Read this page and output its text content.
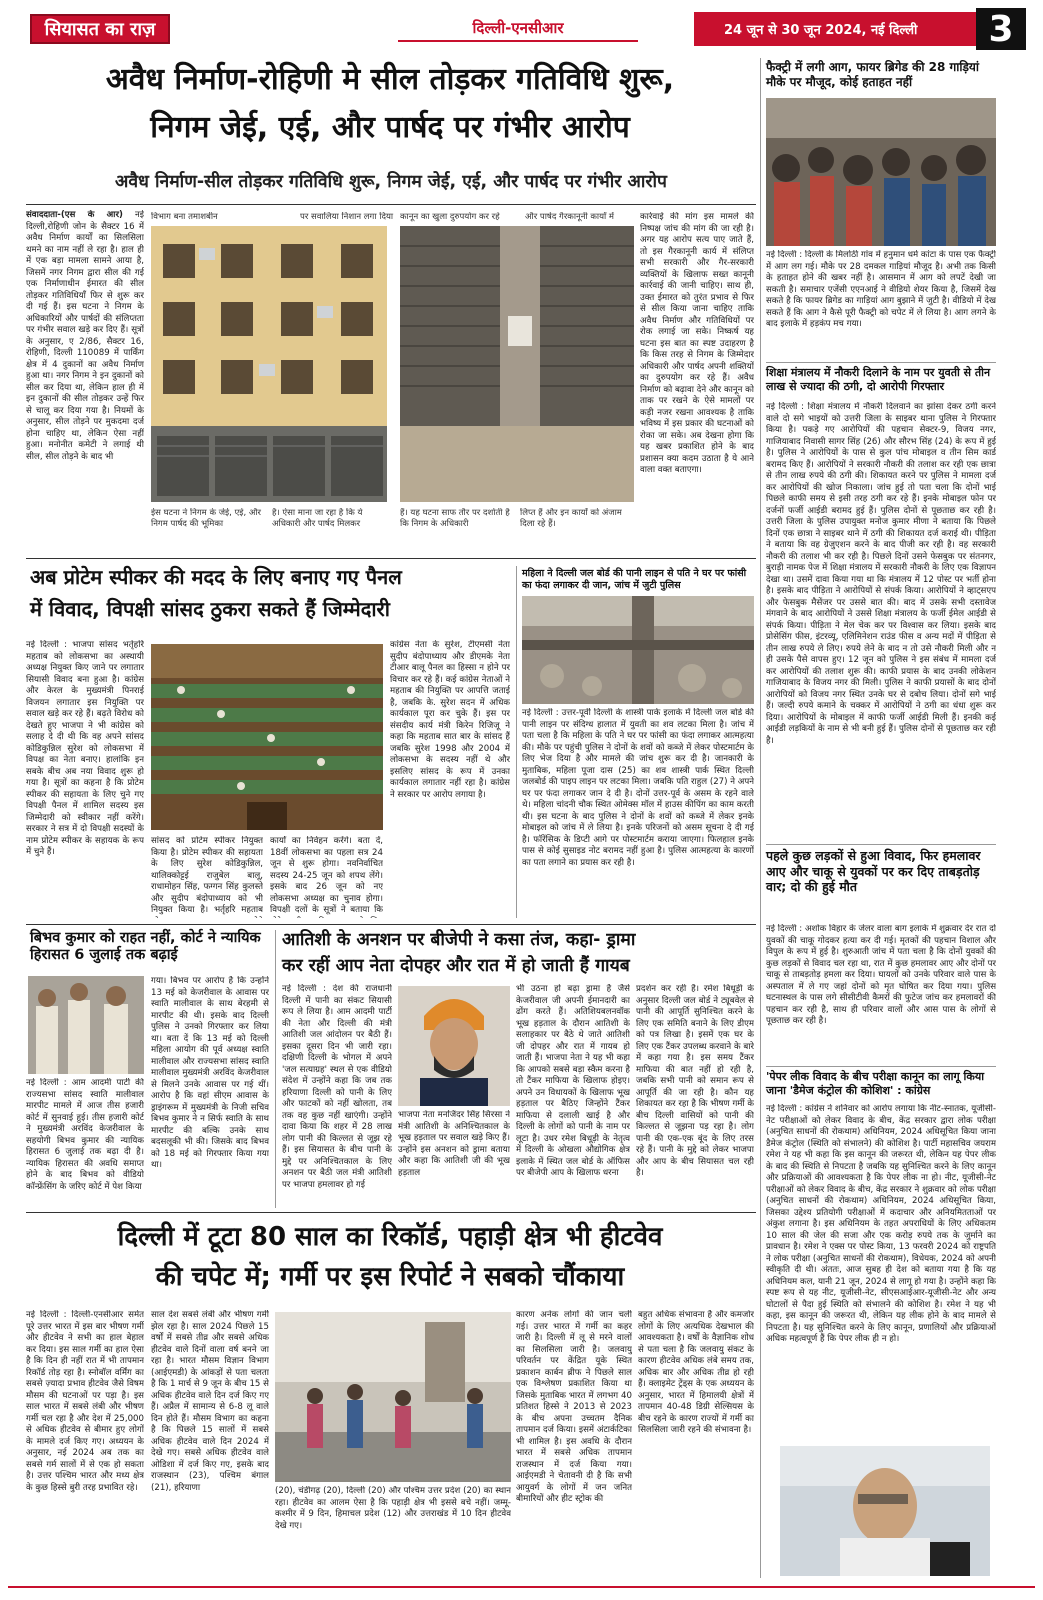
सियासत का राज़	दिल्ली-एनसीआर	24 जून से 30 जून 2024, नई दिल्ली	3
अवैध निर्माण-रोहिणी मे सील तोड़कर गतिविधि शुरू,
निगम जेई, एई, और पार्षद पर गंभीर आरोप
अवैध निर्माण-सील तोड़कर गतिविधि शुरू, निगम जेई, एई, और पार्षद पर गंभीर आरोप
संवाददाता-(एस के आर) नई दिल्ली,रोहिणी जोन के सैक्टर 16 में अवैध निर्माण कार्यों का सिलसिला थमने का नाम नहीं ले रहा है। हाल ही में एक बड़ा मामला सामने आया है, जिसमें नगर निगम द्वारा सील की गई एक निर्माणाधीन ईमारत की सील तोड़कर गतिविधियाँ फिर से शुरू कर दी गई हैं। इस घटना ने निगम के अधिकारियों और पार्षदों की संलिप्तता पर गंभीर सवाल खड़े कर दिए हैं। सूत्रों के अनुसार, ए 2/86, सैक्टर 16, रोहिणी, दिल्ली 110089 में पार्किंग क्षेत्र में 4 दुकानों का अवैध निर्माण हुआ था। नगर निगम ने इन दुकानों को सील कर दिया था, लेकिन हाल ही में इन दुकानों की सील तोड़कर उन्हें फिर से चालू कर दिया गया है। नियमों के अनुसार, सील तोड़ने पर मुकदमा दर्ज होना चाहिए था, लेकिन ऐसा नहीं हुआ। मनोनीत कमेटी ने लगाई थी सील, सील तोड़ने के बाद भी
विभाग बना तमाशबीन	पर सवालिया निशान लगा दिया
ईस घटना ने निगम के जेई, एई, और निगम पार्षद की भूमिका
है। ऐसा माना जा रहा है कि ये अधिकारी और पार्षद मिलकर
कानून का खुला दुरुपयोग कर रहे	और पार्षद गैरकानूनी कार्यों में
हैं। यह घटना साफ तौर पर दर्शाती है कि निगम के अधिकारी
लिप्त हैं और इन कार्यों को अंजाम दिला रहे हैं।
कार्रवाई की मांग इस मामले की निष्पक्ष जांच की मांग की जा रही है। अगर यह आरोप सत्य पाए जाते हैं, तो इस गैरकानूनी कार्य में संलिप्त सभी सरकारी और गैर-सरकारी व्यक्तियों के खिलाफ सख्त कानूनी कार्रवाई की जानी चाहिए। साथ ही, उक्त ईमारत को तुरंत प्रभाव से फिर से सील किया जाना चाहिए ताकि अवैध निर्माण और गतिविधियों पर रोक लगाई जा सके। निष्कर्ष यह घटना इस बात का स्पष्ट उदाहरण है कि किस तरह से निगम के जिम्मेदार अधिकारी और पार्षद अपनी शक्तियों का दुरुपयोग कर रहे हैं। अवैध निर्माण को बढ़ावा देने और कानून को ताक पर रखने के ऐसे मामलों पर कड़ी नजर रखना आवश्यक है ताकि भविष्य में इस प्रकार की घटनाओं को रोका जा सके। अब देखना होगा कि यह खबर प्रकाशित होने के बाद प्रशासन क्या कदम उठाता है ये आने वाला वक्त बताएगा।
फैक्ट्री में लगी आग, फायर ब्रिगेड की 28 गाड़ियां मौके पर मौजूद, कोई हताहत नहीं
नई दिल्ली : दिल्ली के मिलोठी गांव में हनुमान धर्म कांटा के पास एक फैक्ट्री में आग लग गई। मौके पर 28 दमकल गाड़ियां मौजूद है। अभी तक किसी के हताहत होने की खबर नहीं है। आसमान में आग को लपटें देखी जा सकती है। समाचार एजेंसी एएनआई ने वीडियो शेयर किया है, जिसमें देख सकते है कि फायर ब्रिगेड का गाड़ियां आग बुझाने में जुटी है। वीडियो में देख सकते हैं कि आग ने कैसे पूरी फैक्ट्री को चपेट में ले लिया है। आग लगने के बाद इलाके में हड़कंप मच गया।
शिक्षा मंत्रालय में नौकरी दिलाने के नाम पर युवती से तीन लाख से ज्यादा की ठगी, दो आरोपी गिरफ्तार
नई दिल्ली : शिक्षा मंत्रालय में नौकरी दिलवाने का झांसा देकर ठगी करने वाले दो सगे भाइयों को उत्तरी जिला के साइबर थाना पुलिस ने गिरफ्तार किया है। पकड़े गए आरोपियों की पहचान सेक्टर-9, विजय नगर, गाजियाबाद निवासी सागर सिंह (26) और सौरभ सिंह (24) के रूप में हुई है। पुलिस ने आरोपियों के पास से कुल पांच मोबाइल व तीन सिम कार्ड बरामद किए हैं। आरोपियों ने सरकारी नौकरी की तलाश कर रही एक छात्रा से तीन लाख रुपये की ठगी की। शिकायत करने पर पुलिस ने मामला दर्ज कर आरोपियों की खोज निकाला। जांच हुई तो पता चला कि दोनों भाई पिछले काफी समय से इसी तरह ठगी कर रहे हैं। इनके मोबाइल फोन पर दर्जनों फर्जी आईडी बरामद हुई हैं। पुलिस दोनों से पूछताछ कर रही है। उत्तरी जिला के पुलिस उपायुक्त मनोज कुमार मीणा ने बताया कि पिछले दिनों एक छात्रा ने साइबर थाने में ठगी की शिकायत दर्ज कराई थी। पीड़िता ने बताया कि वह ग्रेजुएशन करने के बाद पीजी कर रही है। वह सरकारी नौकरी की तलाश भी कर रही है। पिछले दिनों उसने फेसबुक पर संतनगर, बुराड़ी नामक पेज में शिक्षा मंत्रालय में सरकारी नौकरी के लिए एक विज्ञापन देखा था। उसमें दावा किया गया था कि मंत्रालय में 12 पोस्ट पर भर्ती होना है। इसके बाद पीड़िता ने आरोपियों से संपर्क किया। आरोपियों ने व्हाट्सएप और फेसबुक मैसेंजर पर उससे बात की। बाद में उसके सभी दस्तावेज मंगवाने के बाद आरोपियों ने उससे शिक्षा मंत्रालय के फर्जी ईमेल आईडी से संपर्क किया। पीड़िता ने मेल चेक कर पर विश्वास कर लिया। इसके बाद प्रोसेसिंग फीस, इंटरव्यू, एलिमिनेशन राउंड फीस व अन्य मदों में पीड़िता से तीन लाख रुपये ले लिए। रुपये लेने के बाद न तो उसे नौकरी मिली और न ही उसके पैसे वापस हुए। 12 जून को पुलिस ने इस संबंध में मामला दर्ज कर आरोपियों की तलाश शुरू की। काफी प्रयास के बाद उनकी लोकेशन गाजियाबाद के विजय नगर की मिली। पुलिस ने काफी प्रयासों के बाद दोनों आरोपियों को विजय नगर स्थित उनके घर से दबोच लिया। दोनों सगे भाई हैं। जल्दी रुपये कमाने के चक्कर में आरोपियों ने ठगी का धंधा शुरू कर दिया। आरोपियों के मोबाइल में काफी फर्जी आईडी मिली हैं। इनकी कई आईडी लड़कियों के नाम से भी बनी हुई हैं। पुलिस दोनों से पूछताछ कर रही है।
पहले कुछ लड़कों से हुआ विवाद, फिर हमलावर आए और चाकू से युवकों पर कर दिए ताबड़तोड़ वार; दो की हुई मौत
नई दिल्ली : अशोक विहार के जेलर वाला बाग इलाके में शुक्रवार देर रात दो युवकों की चाकू गोदकर हत्या कर दी गई। मृतकों की पहचान विशाल और विपुल के रूप में हुई है। शुरुआती जांच में पता चला है कि दोनों युवकों की कुछ लड़कों से विवाद चल रहा था, रात में कुछ हमलावर आए और दोनों पर चाकू से ताबड़तोड़ हमला कर दिया। घायलों को उनके परिवार वाले पास के अस्पताल में ले गए जहां दोनों को मृत घोषित कर दिया गया। पुलिस घटनास्थल के पास लगे सीसीटीवी कैमरों की फुटेज जांच कर हमलावरों की पहचान कर रही है, साथ ही परिवार वालों और आस पास के लोगों से पूछताछ कर रही है।
'पेपर लीक विवाद के बीच परीक्षा कानून का लागू किया जाना 'डैमेज कंट्रोल की कोशिश' : कांग्रेस
नई दिल्ली : कांग्रेस ने शनिवार को आरोप लगाया कि नीट-स्नातक, यूजीसी-नेट परीक्षाओं को लेकर विवाद के बीच, केंद्र सरकार द्वारा लोक परीक्षा (अनुचित साधनों की रोकथाम) अधिनियम, 2024 अधिसूचित किया जाना डैमेज कंट्रोल (स्थिति को संभालने) की कोशिश है। पार्टी महासचिव जयराम रमेश ने यह भी कहा कि इस कानून की जरूरत थी, लेकिन यह पेपर लीक के बाद की स्थिति से निपटता है जबकि यह सुनिश्चित करने के लिए कानून और प्रक्रियाओं की आवश्यकता है कि पेपर लीक ना हो। नीट, यूजीसी-नेट परीक्षाओं को लेकर विवाद के बीच, केंद्र सरकार ने शुक्रवार को लोक परीक्षा (अनुचित साधनों की रोकथाम) अधिनियम, 2024 अधिसूचित किया, जिसका उद्देश्य प्रतियोगी परीक्षाओं में कदाचार और अनियमितताओं पर अंकुश लगाना है। इस अधिनियम के तहत अपराधियों के लिए अधिकतम 10 साल की जेल की सजा और एक करोड़ रुपये तक के जुर्माने का प्रावधान है। रमेश ने एक्स पर पोस्ट किया, 13 फरवरी 2024 को राष्ट्रपति ने लोक परीक्षा (अनुचित साधनों की रोकथाम), विधेयक, 2024 को अपनी स्वीकृति दी थी। अंततः, आज सुबह ही देश को बताया गया है कि यह अधिनियम कल, यानी 21 जून, 2024 से लागू हो गया है। उन्होंने कहा कि स्पष्ट रूप से यह नीट, यूजीसी-नेट, सीएसआईआर-यूजीसी-नेट और अन्य घोटालों से पैदा हुई स्थिति को संभालने की कोशिश है। रमेश ने यह भी कहा, इस कानून की जरूरत थी, लेकिन यह लीक होने के बाद मामले से निपटता है। यह सुनिश्चित करने के लिए कानून, प्रणालियों और प्रक्रियाओं अधिक महत्वपूर्ण हैं कि पेपर लीक ही न हो।
अब प्रोटेम स्पीकर की मदद के लिए बनाए गए पैनल
में विवाद, विपक्षी सांसद ठुकरा सकते हैं जिम्मेदारी
नई दिल्ली : भाजपा सांसद भर्तृहरि महताब को लोकसभा का अस्थायी अध्यक्ष नियुक्त किए जाने पर लगातार सियासी विवाद बना हुआ है। कांग्रेस और केरल के मुख्यमंत्री पिनराई विजयन लगातार इस नियुक्ति पर सवाल खड़े कर रहे हैं। बढ़ते विरोध को देखते हुए भाजपा ने भी कांग्रेस को सलाह दे दी थी कि वह अपने सांसद कोडिकुन्निल सुरेश को लोकसभा में विपक्ष का नेता बनाए। हालांकि इन सबके बीच अब नया विवाद शुरू हो गया है। सूत्रों का कहना है कि प्रोटेम स्पीकर की सहायता के लिए चुने गए विपक्षी पैनल में शामिल सदस्य इस जिम्मेदारी को स्वीकार नहीं करेंगे। सरकार ने सत्र में दो विपक्षी सदस्यों के नाम प्रोटेम स्पीकर के सहायक के रूप में चुने हैं।
सांसद को प्रोटेम स्पीकर नियुक्त किया है। प्रोटेम स्पीकर की सहायता के लिए सुरेश कोडिकुन्निल, थालिक्कोट्टई राजुबेल बालू, राधामोहन सिंह, फग्गन सिंह कुलस्ते और सुदीप बंदोपाध्याय को भी नियुक्त किया है। भर्तृहरि महताब
कार्यों का निर्वहन करेंगे। बता दें, 18वीं लोकसभा का पहला सत्र 24 जून से शुरू होगा। नवनिर्वाचित सदस्य 24-25 जून को शपथ लेंगे। इसके बाद 26 जून को नए लोकसभा अध्यक्ष का चुनाव होगा। विपक्षी दलों के सूत्रों ने बताया कि
कांग्रेस नेता के सुरेश, टीएमसी नेता सुदीप बंदोपाध्याय और डीएमके नेता टीआर बालू पैनल का हिस्सा न होने पर विचार कर रहे हैं। कई कांग्रेस नेताओं ने महताब की नियुक्ति पर आपत्ति जताई है, जबकि के. सुरेश सदन में अधिक कार्यकाल पूरा कर चुके हैं। इस पर संसदीय कार्य मंत्री किरेन रिजिजू ने कहा कि महताब सात बार के सांसद हैं जबकि सुरेश 1998 और 2004 में लोकसभा के सदस्य नहीं थे और इसलिए सांसद के रूप में उनका कार्यकाल लगातार नहीं रहा है। कांग्रेस ने सरकार पर आरोप लगाया है।
महिला ने दिल्ली जल बोर्ड की पानी लाइन से पति ने घर पर फांसी का फंदा लगाकर दी जान, जांच में जुटी पुलिस
नई दिल्ली : उत्तर-पूर्वी दिल्ली के शास्त्री पार्क इलाके में दिल्ली जल बोर्ड की पानी लाइन पर संदिग्ध हालात में युवती का शव लटका मिला है। जांच में पता चला है कि महिला के पति ने घर पर फांसी का फंदा लगाकर आत्महत्या की। मौके पर पहुंची पुलिस ने दोनों के शवों को कब्जे में लेकर पोस्टमार्टम के लिए भेज दिया है और मामले की जांच शुरू कर दी है। जानकारी के मुताबिक, महिला पूजा दास (25) का शव शास्त्री पार्क स्थित दिल्ली जलबोर्ड की पाइप लाइन पर लटका मिला। जबकि पति राहुल (27) ने अपने घर पर फंदा लगाकर जान दे दी है। दोनों उत्तर-पूर्व के असम के रहने वाले थे। महिला चांदनी चौक स्थित ओमेक्स मॉल में हाउस कीपिंग का काम करती थी। इस घटना के बाद पुलिस ने दोनों के शवों को कब्जे में लेकर इनके मोबाइल को जांच में ले लिया है। इनके परिजनों को असम सूचना दे दी गई है। फॉरेंसिक के डिप्टी आगे पर पोस्टमार्टम कराया जाएगा। फिलहाल इनके पास से कोई सुसाइड नोट बरामद नहीं हुआ है। पुलिस आत्महत्या के कारणों का पता लगाने का प्रयास कर रही है।
बिभव कुमार को राहत नहीं, कोर्ट ने न्यायिक हिरासत 6 जुलाई तक बढ़ाई
नई दिल्ली : आम आदमी पार्टी की राज्यसभा सांसद स्वाति मालीवाल मारपीट मामले में आज तीस हजारी कोर्ट में सुनवाई हुई। तीस हजारी कोर्ट ने मुख्यमंत्री अरविंद केजरीवाल के सहयोगी बिभव कुमार की न्यायिक हिरासत 6 जुलाई तक बढ़ा दी है। न्यायिक हिरासत की अवधि समाप्त होने के बाद बिभव को वीडियो कॉन्फ्रेंसिंग के जरिए कोर्ट में पेश किया
गया। बिभव पर आरोप है कि उन्होंने 13 मई को केजरीवाल के आवास पर स्वाति मालीवाल के साथ बेरहमी से मारपीट की थी। इसके बाद दिल्ली पुलिस ने उनको गिरफ्तार कर लिया था। बता दें कि 13 मई को दिल्ली महिला आयोग की पूर्व अध्यक्ष स्वाति मालीवाल और राज्यसभा सांसद स्वाति मालीवाल मुख्यमंत्री अरविंद केजरीवाल से मिलने उनके आवास पर गई थीं। आरोप है कि वहां सीएम आवास के ड्राइंगरूम में मुख्यमंत्री के निजी सचिव बिभव कुमार ने न सिर्फ स्वाति के साथ मारपीट की बल्कि उनके साथ बदसलूकी भी की। जिसके बाद बिभव को 18 मई को गिरफ्तार किया गया था।
आतिशी के अनशन पर बीजेपी ने कसा तंज, कहा- ड्रामा
कर रहीं आप नेता दोपहर और रात में हो जाती हैं गायब
नई दिल्ली : देश की राजधानी दिल्ली में पानी का संकट सियासी रूप ले लिया है। आम आदमी पार्टी की नेता और दिल्ली की मंत्री आतिशी जल आंदोलन पर बैठी हैं। इसका दूसरा दिन भी जारी रहा। दक्षिणी दिल्ली के भोगल में अपने 'जल सत्याग्रह' स्थल से एक वीडियो संदेश में उन्होंने कहा कि जब तक हरियाणा दिल्ली को पानी के लिए और फाटकों को नहीं खोलता, तब तक वह कुछ नहीं खाएंगी। उन्होंने दावा किया कि शहर में 28 लाख लोग पानी की किल्लत से जूझ रहे हैं। इस सियासत के बीच पानी के मुद्दे पर अनिश्चितकाल के लिए अनशन पर बैठी जल मंत्री आतिशी पर भाजपा हमलावर हो गई
भाजपा नेता मनजिंदर सिंह सिरसा ने मंत्री आतिशी के अनिश्चितकाल के भूख हड़ताल पर सवाल खड़े किए हैं। उन्होंने इस अनशन को ड्रामा बताया और कहा कि आतिशी जी की भूख हड़ताल
भी उठना हो बढ़ा ड्रामा है जैसे केजरीवाल जी अपनी ईमानदारी का ढोंग करते हैं। अतिशियबलनवॉक भूख हड़ताल के दौरान आतिशी के सलाहकार पर बैठे थे जाते आतिशी जी दोपहर और रात में गायब हो जाती हैं। भाजपा नेता ने यह भी कहा कि आपको सबसे बड़ा स्कैम करना है तो टैंकर माफिया के खिलाफ होइए। अपने उन विधायकों के खिलाफ भूख हड़ताल पर बैठिए जिन्होंने टैंकर माफिया से दलाली खाई है और दिल्ली के लोगों को पानी के नाम पर लूटा है। उधर रमेश बिधूड़ी के नेतृत्व में दिल्ली के ओखला औद्योगिक क्षेत्र इलाके में स्थित जल बोर्ड के ऑफिस पर बीजेपी आप के खिलाफ धरना
प्रदर्शन कर रही है। रमेश बिधूड़ी के अनुसार दिल्ली जल बोर्ड ने ट्यूबवेल से पानी की आपूर्ति सुनिश्चित करने के लिए एक समिति बनाने के लिए डीएम को पत्र लिखा है। इसमें एक घर के लिए एक टैंकर उपलब्ध करवाने के बारे में कहा गया है। इस समय टैंकर माफिया की बात नहीं हो रही है, जबकि सभी पानी को समान रूप से आपूर्ति की जा रही है। कौन यह शिकायत कर रहा है कि भीषण गर्मी के बीच दिल्ली वासियों को पानी की किल्लत से जूझना पड़ रहा है। लोग पानी की एक-एक बूंद के लिए तरस रहे हैं। पानी के मुद्दे को लेकर भाजपा और आप के बीच सियासत चल रही है।
दिल्ली में टूटा 80 साल का रिकॉर्ड, पहाड़ी क्षेत्र भी हीटवेव
की चपेट में; गर्मी पर इस रिपोर्ट ने सबको चौंकाया
नई दिल्ली : दिल्ली-एनसीआर समेत पूरे उत्तर भारत में इस बार भीषण गर्मी और हीटवेव ने सभी का हाल बेहाल कर दिया। इस साल गर्मी का हाल ऐसा है कि दिन ही नहीं रात में भी तापमान रिकॉर्ड तोड़ रहा है। स्नोबॉल वर्मिंग का सबसे ज़्यादा प्रभाव हीटवेव जैसे विषम मौसम की घटनाओं पर पड़ा है। इस साल भारत में सबसे लंबी और भीषण गर्मी चल रहा है और देश में 25,000 से अधिक हीटवेव से बीमार हुए लोगों के मामले दर्ज किए गए। अध्ययन के अनुसार, नई 2024 अब तक का सबसे गर्म सालों में से एक हो सकता है। उत्तर पश्चिम भारत और मध्य क्षेत्र के कुछ हिस्से बुरी तरह प्रभावित रहे।
साल देश सबसे लंबी और भीषण गर्मी झेल रहा है। साल 2024 पिछले 15 वर्षों में सबसे तीव्र और सबसे अधिक हीटवेव वाले दिनों वाला वर्ष बनने जा रहा है। भारत मौसम विज्ञान विभाग (आईएमडी) के आंकड़ों से पता चलता है कि 1 मार्च से 9 जून के बीच 15 से अधिक हीटवेव वाले दिन दर्ज किए गए हैं। अप्रैल में सामान्य से 6-8 लू वाले दिन होते हैं। मौसम विभाग का कहना है कि पिछले 15 सालों में सबसे अधिक हीटवेव वाले दिन 2024 में देखे गए। सबसे अधिक हीटवेव वाले ओडिशा में दर्ज किए गए, इसके बाद राजस्थान (23), पश्चिम बंगाल (21), हरियाणा	(20), चंडीगढ़ (20), दिल्ली (20) और पश्चिम उत्तर प्रदेश (20) का स्थान रहा। हीटवेव का आलम ऐसा है कि पहाड़ी क्षेत्र भी इससे बचे नहीं। जम्मू-कश्मीर में 9 दिन, हिमाचल प्रदेश (12) और उत्तराखंड में 10 दिन हीटवेव देखे गए।
कारण अनेक लोगों की जान चली गई। उत्तर भारत में गर्मी का कहर जारी है। दिल्ली में लू से मरने वालों का सिलसिला जारी है। जलवायु परिवर्तन पर केंद्रित यूके स्थित प्रकाशन कार्बन ब्रीफ ने पिछले साल एक विश्लेषण प्रकाशित किया था जिसके मुताबिक भारत में लगभग 40 प्रतिशत हिस्से ने 2013 से 2023 के बीच अपना उच्चतम दैनिक तापमान दर्ज किया। इसमें अंटार्कटिका भी शामिल है। इस अवधि के दौरान भारत में सबसे अधिक तापमान राजस्थान में दर्ज किया गया। आईएमडी ने चेतावनी दी है कि सभी आयुवर्ग के लोगों में जन जनित बीमारियों और हीट स्ट्रोक की
बहुत अधिक संभावना है और कमजोर लोगों के लिए अत्यधिक देखभाल की आवश्यकता है। वर्षों के वैज्ञानिक शोध से पता चला है कि जलवायु संकट के कारण हीटवेव अधिक लंबे समय तक, अधिक बार और अधिक तीव्र हो रही हैं। क्लाइमेट ट्रेंड्स के एक अध्ययन के अनुसार, भारत में हिमालयी क्षेत्रों में तापमान 40-48 डिग्री सेल्सियस के बीच रहने के कारण राज्यों में गर्मी का सिलसिला जारी रहने की संभावना है।
